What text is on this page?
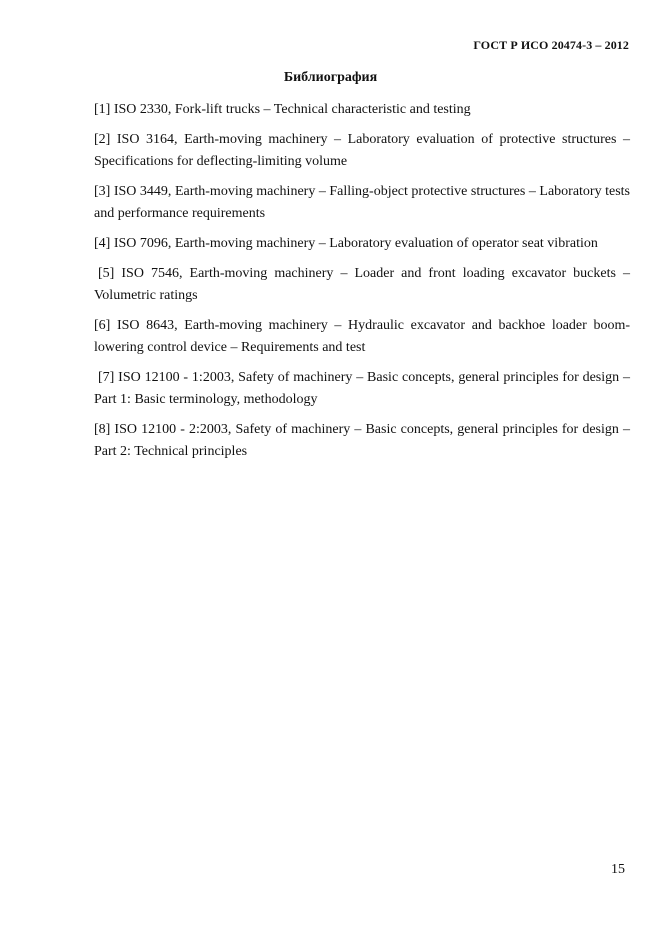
ГОСТ Р ИСО 20474-3 – 2012
Библиография

[1] ISO 2330, Fork-lift trucks – Technical characteristic and testing

[2] ISO 3164, Earth-moving machinery – Laboratory evaluation of protective structures – Specifications for deflecting-limiting volume

[3] ISO 3449, Earth-moving machinery – Falling-object protective structures – Laboratory tests and performance requirements

[4] ISO 7096, Earth-moving machinery – Laboratory evaluation of operator seat vibration

[5] ISO 7546, Earth-moving machinery – Loader and front loading excavator buckets – Volumetric ratings

[6] ISO 8643, Earth-moving machinery – Hydraulic excavator and backhoe loader boom-lowering control device – Requirements and test

[7] ISO 12100 - 1:2003, Safety of machinery – Basic concepts, general principles for design – Part 1: Basic terminology, methodology

[8] ISO 12100 - 2:2003, Safety of machinery – Basic concepts, general principles for design – Part 2: Technical principles

15
